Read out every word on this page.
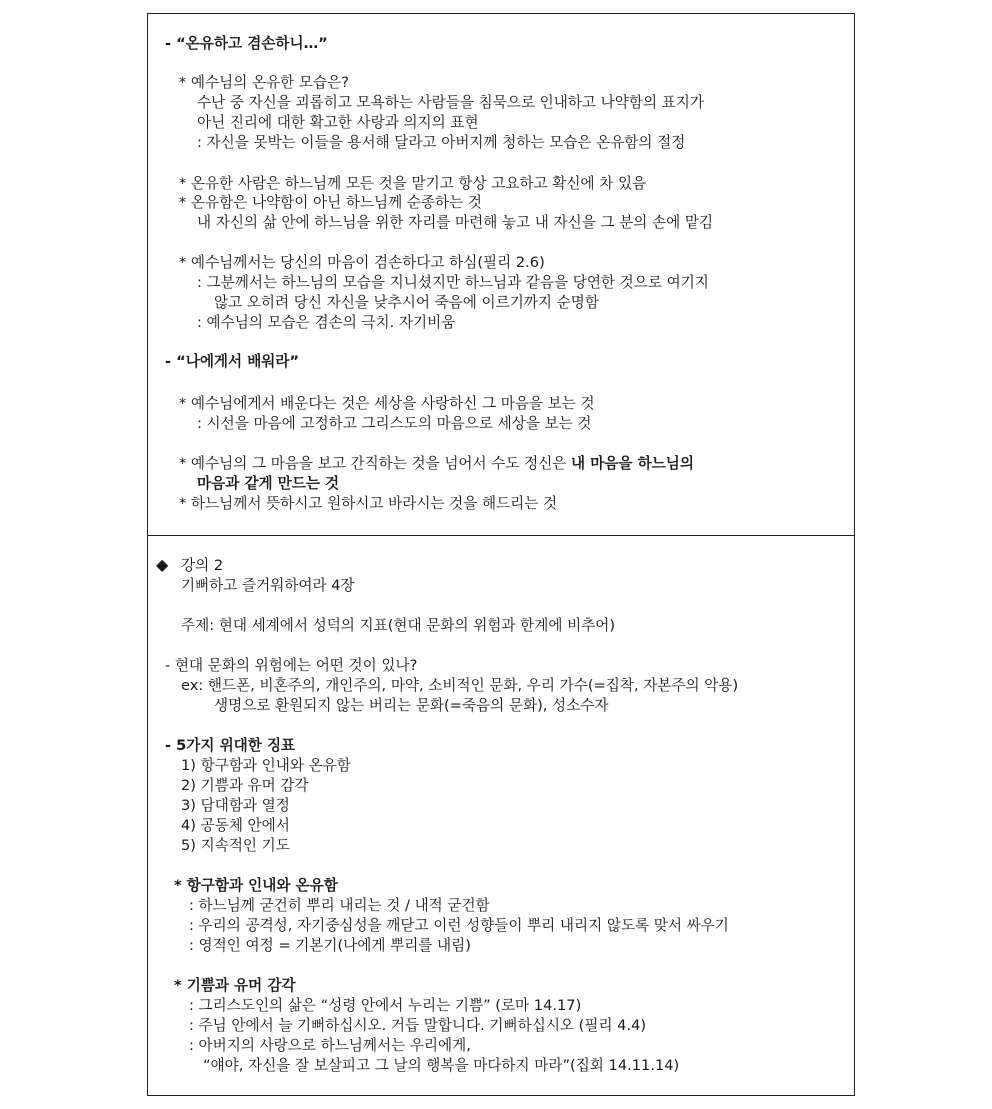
- “온유하고 겸손하니…”
* 예수님의 온유한 모습은?
수난 중 자신을 괴롭히고 모욕하는 사람들을 침묵으로 인내하고 나약함의 표지가
아닌 진리에 대한 확고한 사랑과 의지의 표현
: 자신을 못박는 이들을 용서해 달라고 아버지께 청하는 모습은 온유함의 절정
* 온유한 사람은 하느님께 모든 것을 맡기고 항상 고요하고 확신에 차 있음
* 온유함은 나약함이 아닌 하느님께 순종하는 것
내 자신의 삶 안에 하느님을 위한 자리를 마련해 놓고 내 자신을 그 분의 손에 맡김
* 예수님께서는 당신의 마음이 겸손하다고 하심(필리 2.6)
: 그분께서는 하느님의 모습을 지니셨지만 하느님과 같음을 당연한 것으로 여기지
않고 오히려 당신 자신을 낮추시어 죽음에 이르기까지 순명함
: 예수님의 모습은 겸손의 극치. 자기비움
- “나에게서 배워라”
* 예수님에게서 배운다는 것은 세상을 사랑하신 그 마음을 보는 것
: 시선을 마음에 고정하고 그리스도의 마음으로 세상을 보는 것
* 예수님의 그 마음을 보고 간직하는 것을 넘어서 수도 정신은 내 마음을 하느님의
마음과 같게 만드는 것
* 하느님께서 뜻하시고 원하시고 바라시는 것을 해드리는 것
◆ 강의 2
기뻐하고 즐거워하여라 4장
주제: 현대 세계에서 성덕의 지표(현대 문화의 위험과 한계에 비추어)
- 현대 문화의 위험에는 어떤 것이 있나?
ex: 핸드폰, 비혼주의, 개인주의, 마약, 소비적인 문화, 우리 가수(=집착, 자본주의 악용)
생명으로 환원되지 않는 버리는 문화(=죽음의 문화), 성소수자
- 5가지 위대한 징표
1) 항구함과 인내와 온유함
2) 기쁨과 유머 감각
3) 담대함과 열정
4) 공동체 안에서
5) 지속적인 기도
* 항구함과 인내와 온유함
: 하느님께 굳건히 뿌리 내리는 것 / 내적 굳건함
: 우리의 공격성, 자기중심성을 깨닫고 이런 성향들이 뿌리 내리지 않도록 맞서 싸우기
: 영적인 여정 = 기본기(나에게 뿌리를 내림)
* 기쁨과 유머 감각
: 그리스도인의 삶은 “성령 안에서 누리는 기쁨” (로마 14.17)
: 주님 안에서 늘 기뻐하십시오. 거듭 말합니다. 기뻐하십시오 (필리 4.4)
: 아버지의 사랑으로 하느님께서는 우리에게,
“얘야, 자신을 잘 보살피고 그 날의 행복을 마다하지 마라”(집회 14.11.14)
